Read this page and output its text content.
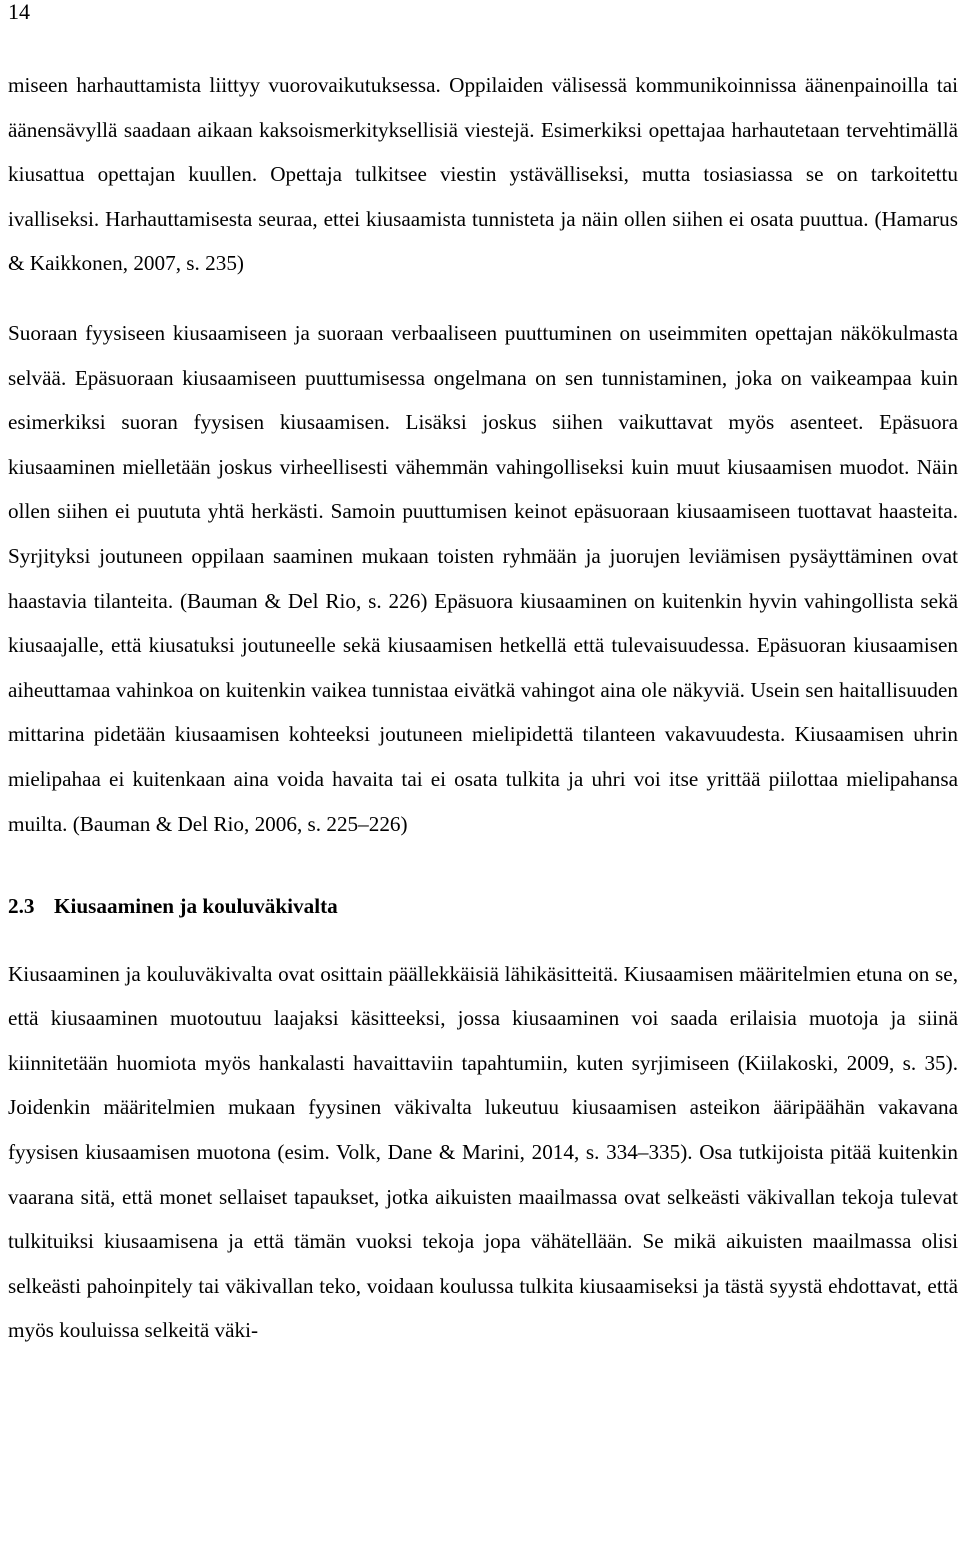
14

miseen harhauttamista liittyy vuorovaikutuksessa. Oppilaiden välisessä kommunikoinnissa äänenpainoilla tai äänensävyllä saadaan aikaan kaksoismerkityksellisiä viestejä. Esimerkiksi opettajaa harhautetaan tervehtimällä kiusattua opettajan kuullen. Opettaja tulkitsee viestin ystävälliseksi, mutta tosiasiassa se on tarkoitettu ivalliseksi. Harhauttamisesta seuraa, ettei kiusaamista tunnisteta ja näin ollen siihen ei osata puuttua. (Hamarus & Kaikkonen, 2007, s. 235)

Suoraan fyysiseen kiusaamiseen ja suoraan verbaaliseen puuttuminen on useimmiten opettajan näkökulmasta selvää. Epäsuoraan kiusaamiseen puuttumisessa ongelmana on sen tunnistaminen, joka on vaikeampaa kuin esimerkiksi suoran fyysisen kiusaamisen. Lisäksi joskus siihen vaikuttavat myös asenteet. Epäsuora kiusaaminen mielletään joskus virheellisesti vähemmän vahingolliseksi kuin muut kiusaamisen muodot. Näin ollen siihen ei puututa yhtä herkästi. Samoin puuttumisen keinot epäsuoraan kiusaamiseen tuottavat haasteita. Syrjityksi joutuneen oppilaan saaminen mukaan toisten ryhmään ja juorujen leviämisen pysäyttäminen ovat haastavia tilanteita. (Bauman & Del Rio, s. 226) Epäsuora kiusaaminen on kuitenkin hyvin vahingollista sekä kiusaajalle, että kiusatuksi joutuneelle sekä kiusaamisen hetkellä että tulevaisuudessa. Epäsuoran kiusaamisen aiheuttamaa vahinkoa on kuitenkin vaikea tunnistaa eivätkä vahingot aina ole näkyviä. Usein sen haitallisuuden mittarina pidetään kiusaamisen kohteeksi joutuneen mielipidettä tilanteen vakavuudesta. Kiusaamisen uhrin mielipahaa ei kuitenkaan aina voida havaita tai ei osata tulkita ja uhri voi itse yrittää piilottaa mielipahansa muilta. (Bauman & Del Rio, 2006, s. 225–226)

2.3 Kiusaaminen ja kouluväkivalta

Kiusaaminen ja kouluväkivalta ovat osittain päällekkäisiä lähikäsitteitä. Kiusaamisen määritelmien etuna on se, että kiusaaminen muotoutuu laajaksi käsitteeksi, jossa kiusaaminen voi saada erilaisia muotoja ja siinä kiinnitetään huomiota myös hankalasti havaittaviin tapahtumiin, kuten syrjimiseen (Kiilakoski, 2009, s. 35). Joidenkin määritelmien mukaan fyysinen väkivalta lukeutuu kiusaamisen asteikon ääripäähän vakavana fyysisen kiusaamisen muotona (esim. Volk, Dane & Marini, 2014, s. 334–335). Osa tutkijoista pitää kuitenkin vaarana sitä, että monet sellaiset tapaukset, jotka aikuisten maailmassa ovat selkeästi väkivallan tekoja tulevat tulkituiksi kiusaamisena ja että tämän vuoksi tekoja jopa vähätellään. Se mikä aikuisten maailmassa olisi selkeästi pahoinpitely tai väkivallan teko, voidaan koulussa tulkita kiusaamiseksi ja tästä syystä ehdottavat, että myös kouluissa selkeitä väki-
